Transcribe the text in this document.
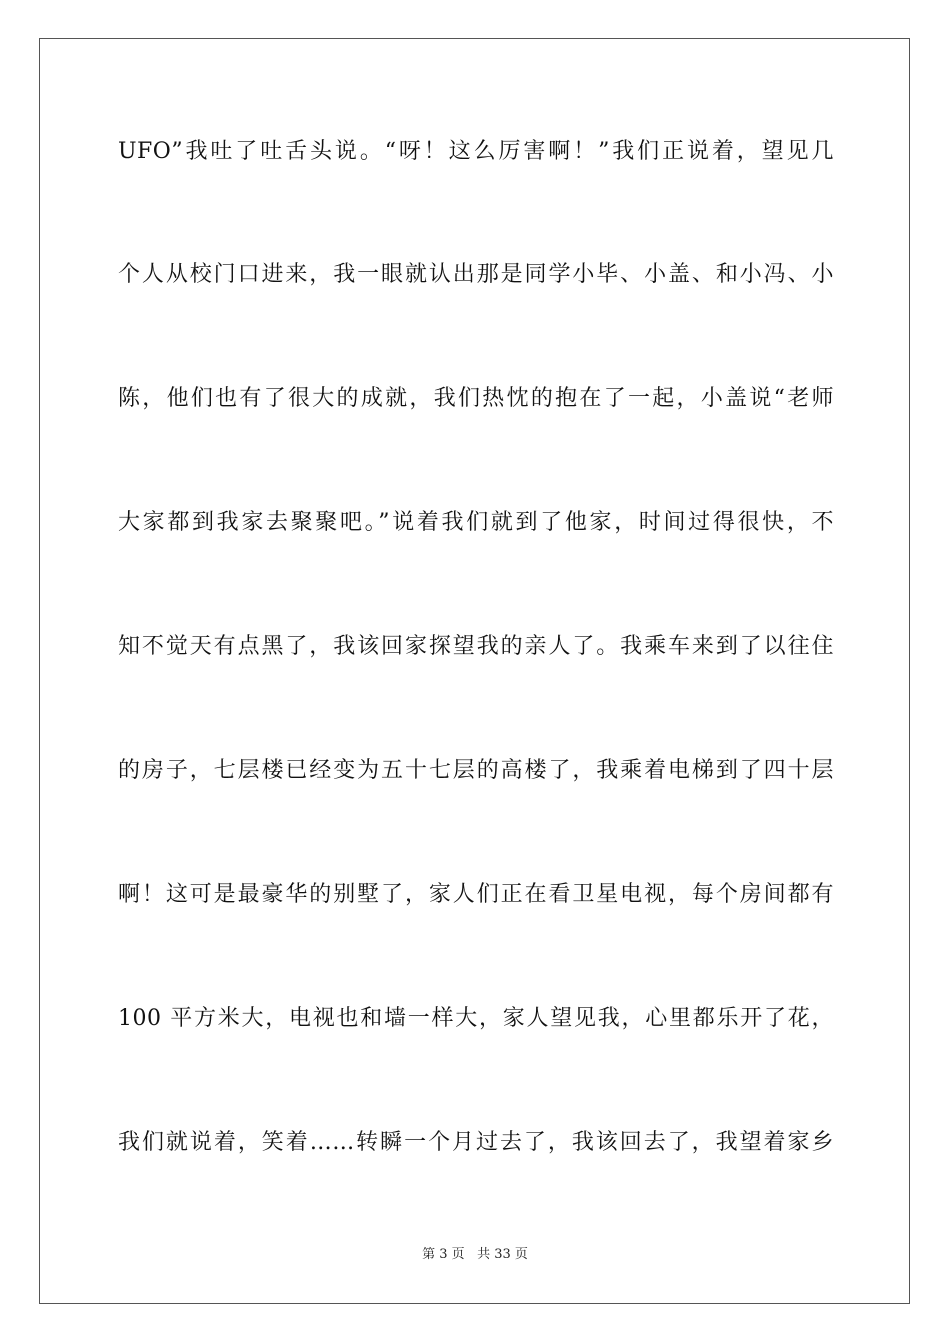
UFO”我吐了吐舌头说。“呀！这么厉害啊！”我们正说着，望见几
个人从校门口进来，我一眼就认出那是同学小毕、小盖、和小冯、小
陈，他们也有了很大的成就，我们热忱的抱在了一起，小盖说“老师
大家都到我家去聚聚吧。”说着我们就到了他家，时间过得很快，不
知不觉天有点黑了，我该回家探望我的亲人了。我乘车来到了以往住
的房子，七层楼已经变为五十七层的高楼了，我乘着电梯到了四十层
啊！这可是最豪华的别墅了，家人们正在看卫星电视，每个房间都有
100 平方米大，电视也和墙一样大，家人望见我，心里都乐开了花，
我们就说着，笑着……转瞬一个月过去了，我该回去了，我望着家乡
第 3 页 共 33 页
